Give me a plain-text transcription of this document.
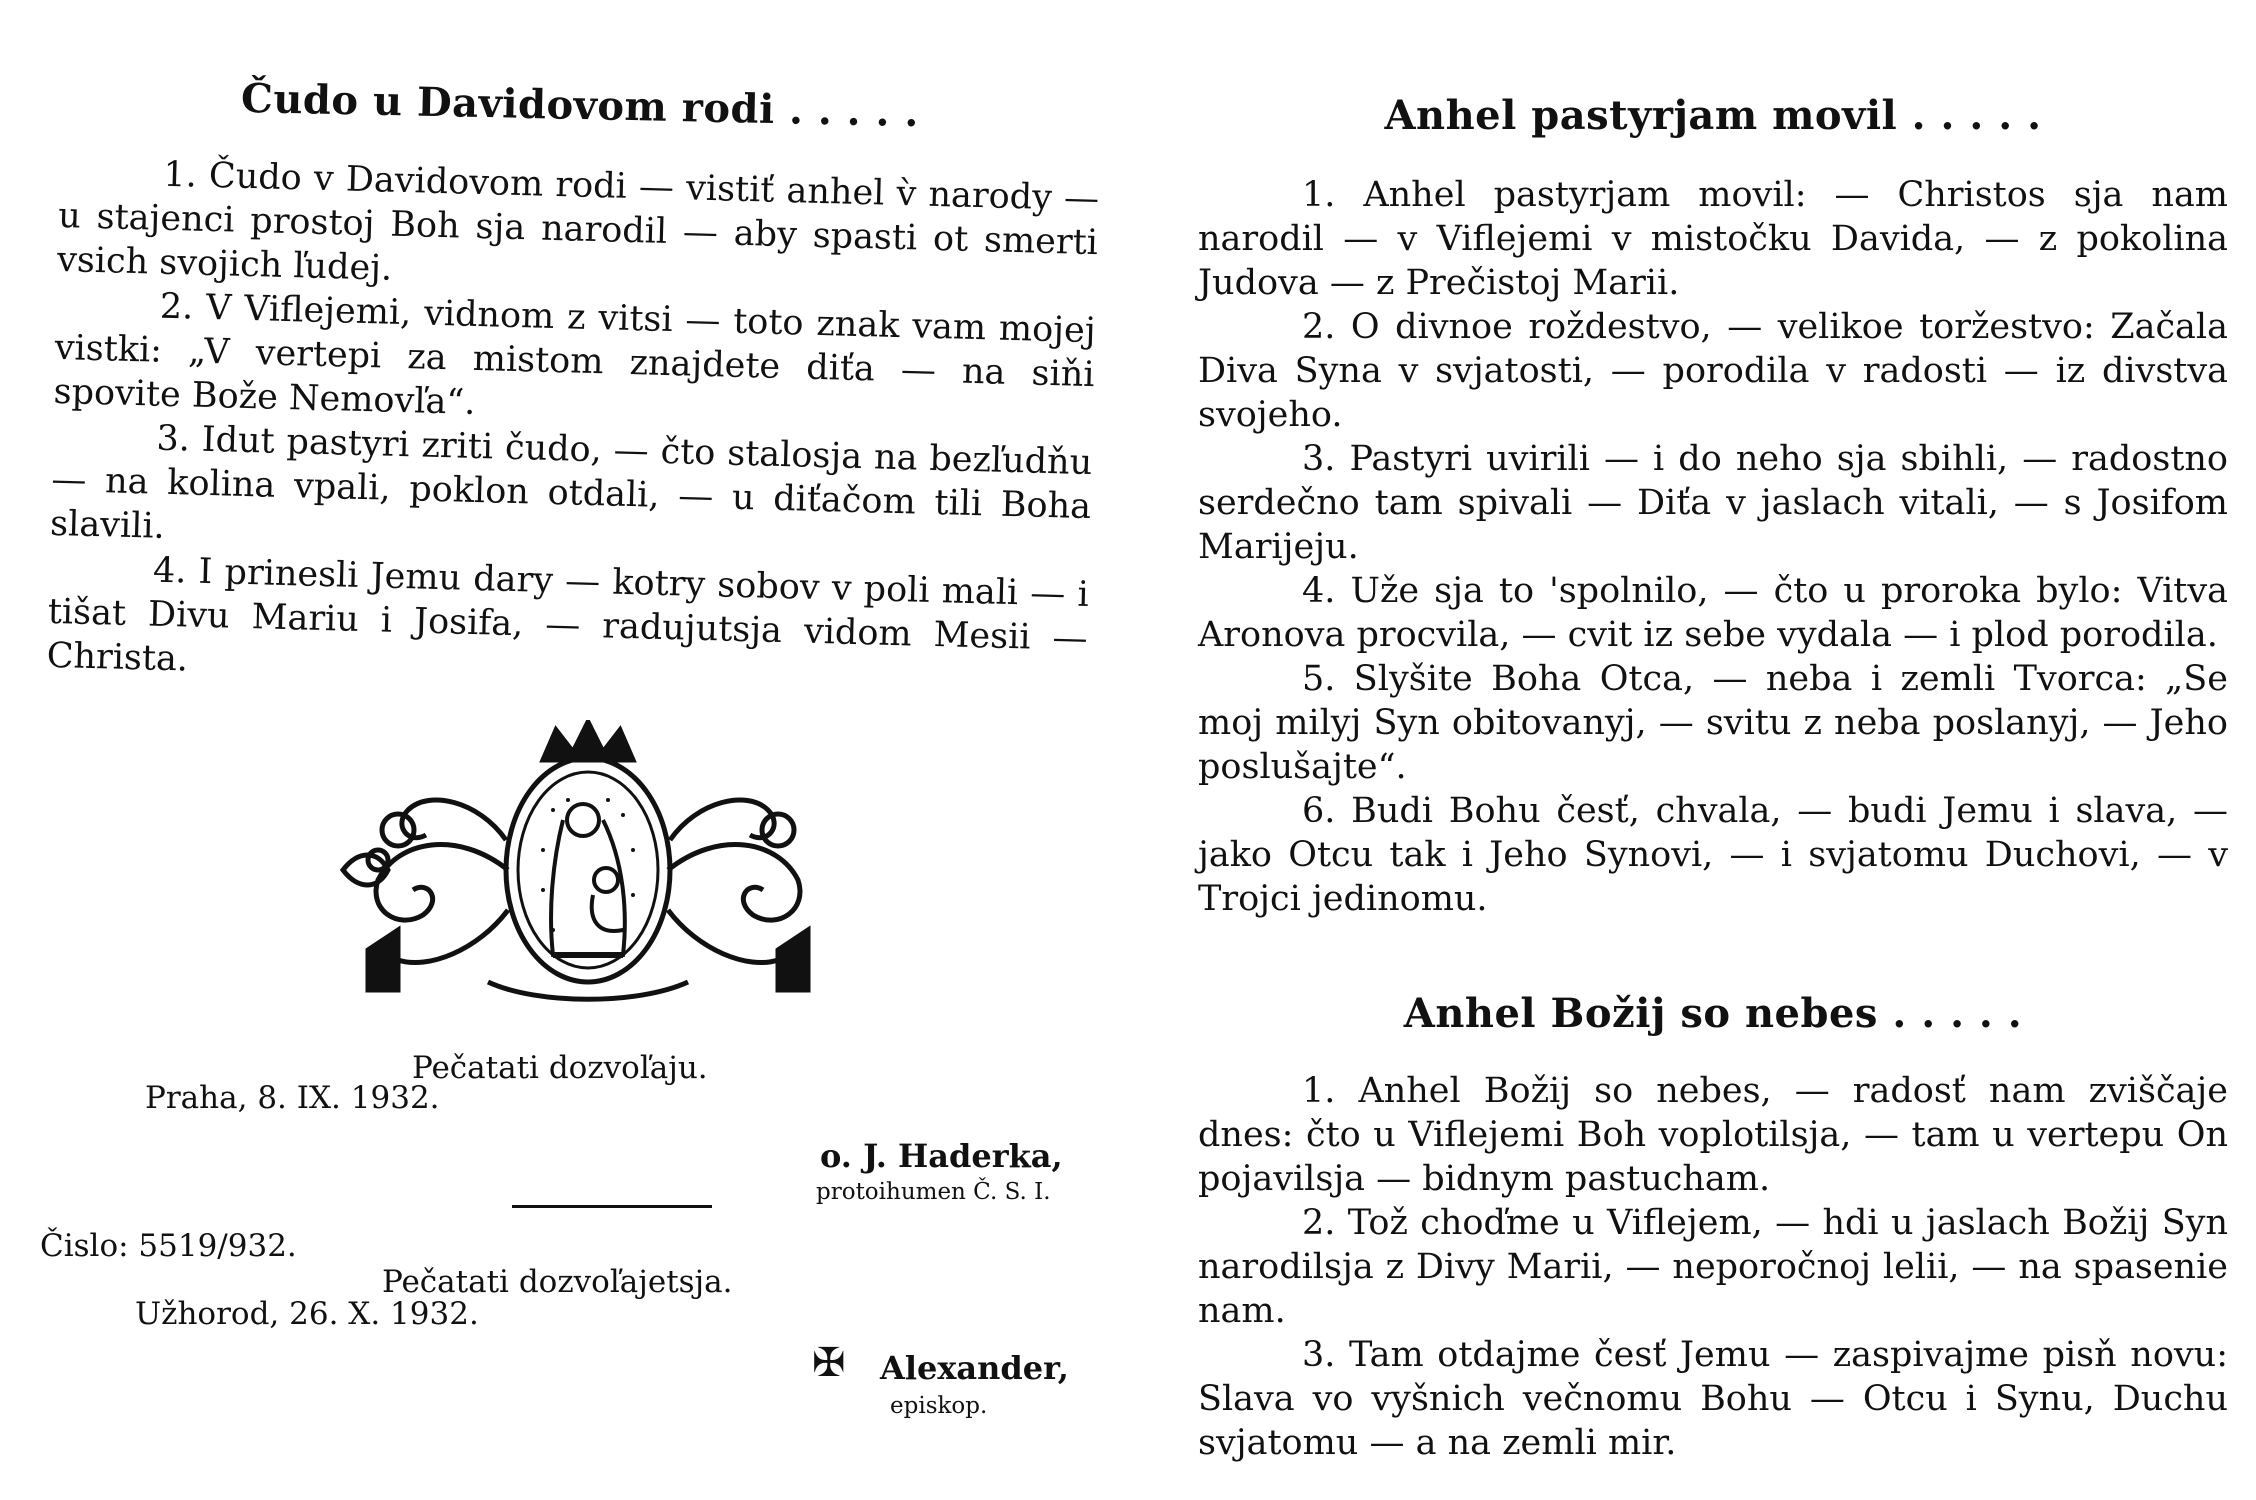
Čudo u Davidovom rodi . . . . .

1. Čudo v Davidovom rodi — vistiť anhel v̀ narody — u stajenci prostoj Boh sja narodil — aby spasti ot smerti vsich svojich ľudej.

2. V Viflejemi, vidnom z vitsi — toto znak vam mojej vistki: „V vertepi za mistom znajdete diťa — na siňi spovite Bože Nemovľa“.

3. Idut pastyri zriti čudo, — čto stalosja na bezľudňu — na kolina vpali, poklon otdali, — u diťačom tili Boha slavili.

4. I prinesli Jemu dary — kotry sobov v poli mali — i tišat Divu Mariu i Josifa, — radujutsja vidom Mesii — Christa.

Pečatati dozvoľaju.
Praha, 8. IX. 1932.
o. J. Haderka,
protoihumen Č. S. I.
Čislo: 5519/932.
Pečatati dozvoľajetsja.
Užhorod, 26. X. 1932.
✠ Alexander,
episkop.
Anhel pastyrjam movil . . . . .

1. Anhel pastyrjam movil: — Christos sja nam narodil — v Viflejemi v mistočku Davida, — z pokolina Judova — z Prečistoj Marii.

2. O divnoe roždestvo, — velikoe toržestvo: Začala Diva Syna v svjatosti, — porodila v radosti — iz divstva svojeho.

3. Pastyri uvirili — i do neho sja sbihli, — radostno serdečno tam spivali — Diťa v jaslach vitali, — s Josifom Marijeju.

4. Uže sja to 'spolnilo, — čto u proroka bylo: Vitva Aronova procvila, — cvit iz sebe vydala — i plod porodila.

5. Slyšite Boha Otca, — neba i zemli Tvorca: „Se moj milyj Syn obitovanyj, — svitu z neba poslanyj, — Jeho poslušajte“.

6. Budi Bohu česť, chvala, — budi Jemu i slava, — jako Otcu tak i Jeho Synovi, — i svjatomu Duchovi, — v Trojci jedinomu.

Anhel Božij so nebes . . . . .

1. Anhel Božij so nebes, — radosť nam zviščaje dnes: čto u Viflejemi Boh voplotilsja, — tam u vertepu On pojavilsja — bidnym pastucham.

2. Tož choďme u Viflejem, — hdi u jaslach Božij Syn narodilsja z Divy Marii, — neporočnoj lelii, — na spasenie nam.

3. Tam otdajme česť Jemu — zaspivajme pisň novu: Slava vo vyšnich večnomu Bohu — Otcu i Synu, Duchu svjatomu — a na zemli mir.
